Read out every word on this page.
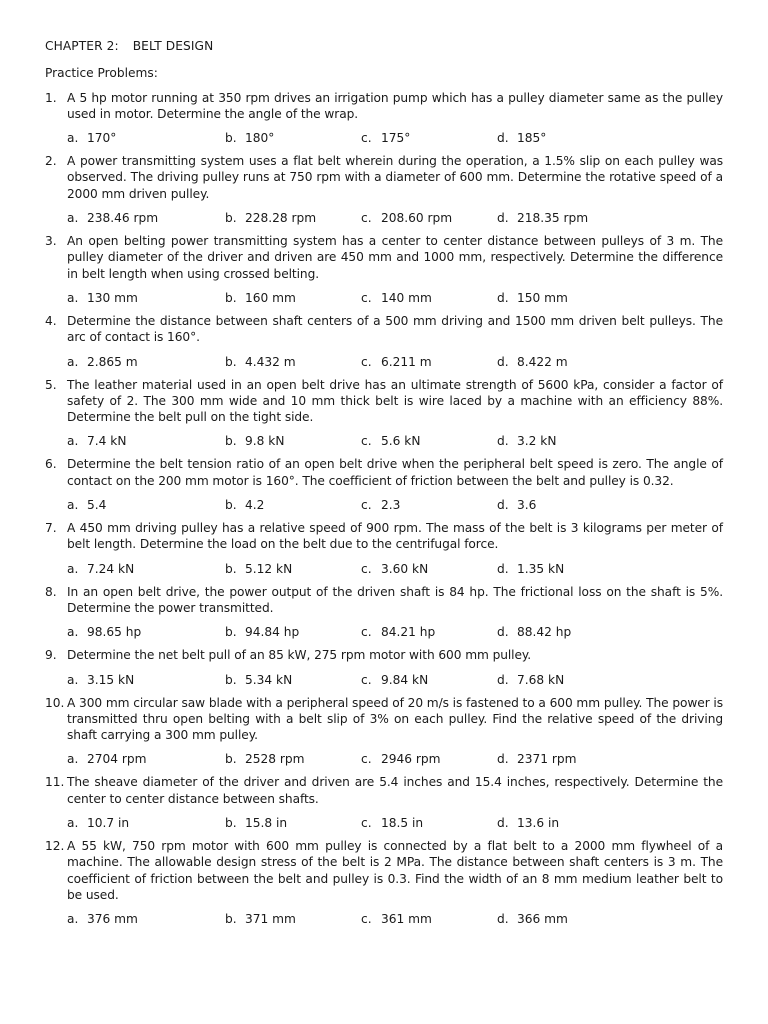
CHAPTER 2: BELT DESIGN
Practice Problems:
1. A 5 hp motor running at 350 rpm drives an irrigation pump which has a pulley diameter same as the pulley used in motor. Determine the angle of the wrap.
a. 170°	b. 180°	c. 175°	d. 185°
2. A power transmitting system uses a flat belt wherein during the operation, a 1.5% slip on each pulley was observed. The driving pulley runs at 750 rpm with a diameter of 600 mm. Determine the rotative speed of a 2000 mm driven pulley.
a. 238.46 rpm	b. 228.28 rpm	c. 208.60 rpm	d. 218.35 rpm
3. An open belting power transmitting system has a center to center distance between pulleys of 3 m. The pulley diameter of the driver and driven are 450 mm and 1000 mm, respectively. Determine the difference in belt length when using crossed belting.
a. 130 mm	b. 160 mm	c. 140 mm	d. 150 mm
4. Determine the distance between shaft centers of a 500 mm driving and 1500 mm driven belt pulleys. The arc of contact is 160°.
a. 2.865 m	b. 4.432 m	c. 6.211 m	d. 8.422 m
5. The leather material used in an open belt drive has an ultimate strength of 5600 kPa, consider a factor of safety of 2. The 300 mm wide and 10 mm thick belt is wire laced by a machine with an efficiency 88%. Determine the belt pull on the tight side.
a. 7.4 kN	b. 9.8 kN	c. 5.6 kN	d. 3.2 kN
6. Determine the belt tension ratio of an open belt drive when the peripheral belt speed is zero. The angle of contact on the 200 mm motor is 160°. The coefficient of friction between the belt and pulley is 0.32.
a. 5.4	b. 4.2	c. 2.3	d. 3.6
7. A 450 mm driving pulley has a relative speed of 900 rpm. The mass of the belt is 3 kilograms per meter of belt length. Determine the load on the belt due to the centrifugal force.
a. 7.24 kN	b. 5.12 kN	c. 3.60 kN	d. 1.35 kN
8. In an open belt drive, the power output of the driven shaft is 84 hp. The frictional loss on the shaft is 5%. Determine the power transmitted.
a. 98.65 hp	b. 94.84 hp	c. 84.21 hp	d. 88.42 hp
9. Determine the net belt pull of an 85 kW, 275 rpm motor with 600 mm pulley.
a. 3.15 kN	b. 5.34 kN	c. 9.84 kN	d. 7.68 kN
10. A 300 mm circular saw blade with a peripheral speed of 20 m/s is fastened to a 600 mm pulley. The power is transmitted thru open belting with a belt slip of 3% on each pulley. Find the relative speed of the driving shaft carrying a 300 mm pulley.
a. 2704 rpm	b. 2528 rpm	c. 2946 rpm	d. 2371 rpm
11. The sheave diameter of the driver and driven are 5.4 inches and 15.4 inches, respectively. Determine the center to center distance between shafts.
a. 10.7 in	b. 15.8 in	c. 18.5 in	d. 13.6 in
12. A 55 kW, 750 rpm motor with 600 mm pulley is connected by a flat belt to a 2000 mm flywheel of a machine. The allowable design stress of the belt is 2 MPa. The distance between shaft centers is 3 m. The coefficient of friction between the belt and pulley is 0.3. Find the width of an 8 mm medium leather belt to be used.
a. 376 mm	b. 371 mm	c. 361 mm	d. 366 mm
